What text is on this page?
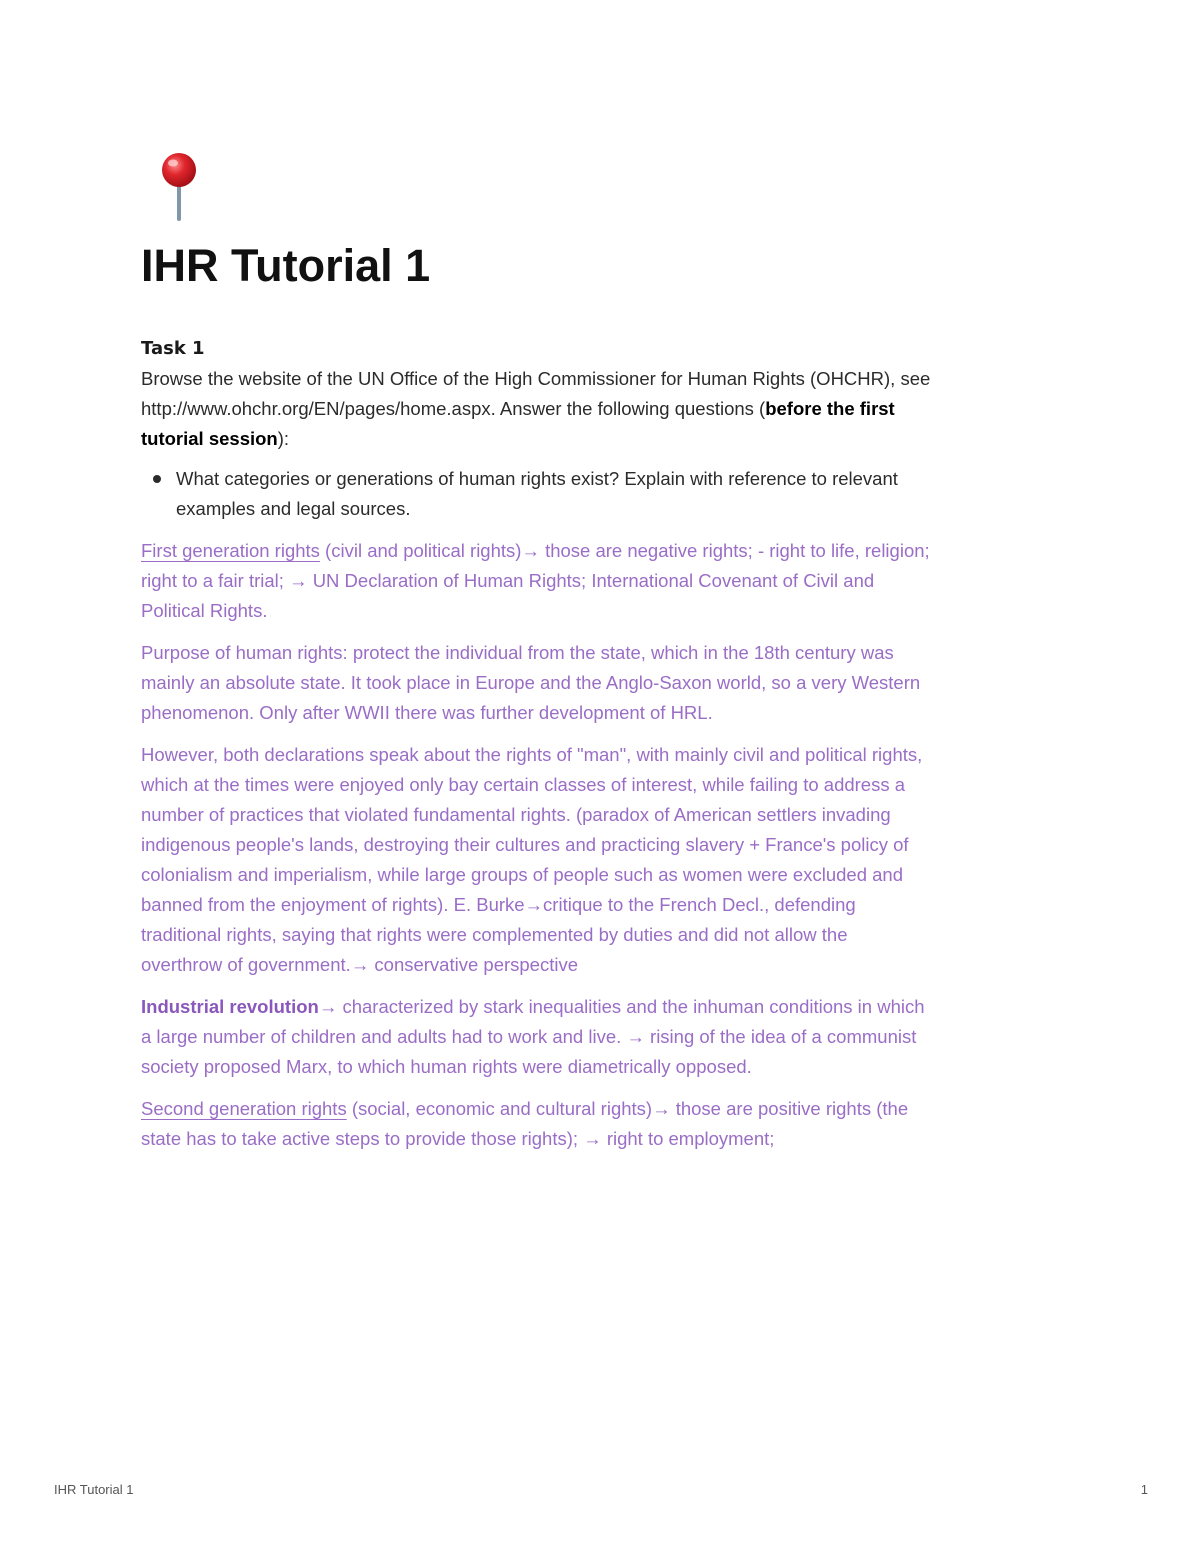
IHR Tutorial 1
Task 1

Browse the website of the UN Office of the High Commissioner for Human Rights (OHCHR), see http://www.ohchr.org/EN/pages/home.aspx. Answer the following questions (before the first tutorial session):

What categories or generations of human rights exist? Explain with reference to relevant examples and legal sources.

First generation rights (civil and political rights)→ those are negative rights; - right to life, religion; right to a fair trial; → UN Declaration of Human Rights; International Covenant of Civil and Political Rights.

Purpose of human rights: protect the individual from the state, which in the 18th century was mainly an absolute state. It took place in Europe and the Anglo-Saxon world, so a very Western phenomenon. Only after WWII there was further development of HRL.

However, both declarations speak about the rights of "man", with mainly civil and political rights, which at the times were enjoyed only bay certain classes of interest, while failing to address a number of practices that violated fundamental rights. (paradox of American settlers invading indigenous people's lands, destroying their cultures and practicing slavery + France's policy of colonialism and imperialism, while large groups of people such as women were excluded and banned from the enjoyment of rights). E. Burke→critique to the French Decl., defending traditional rights, saying that rights were complemented by duties and did not allow the overthrow of government.→ conservative perspective

Industrial revolution→ characterized by stark inequalities and the inhuman conditions in which a large number of children and adults had to work and live. → rising of the idea of a communist society proposed Marx, to which human rights were diametrically opposed.

Second generation rights (social, economic and cultural rights)→ those are positive rights (the state has to take active steps to provide those rights); → right to employment;

IHR Tutorial 1	1
